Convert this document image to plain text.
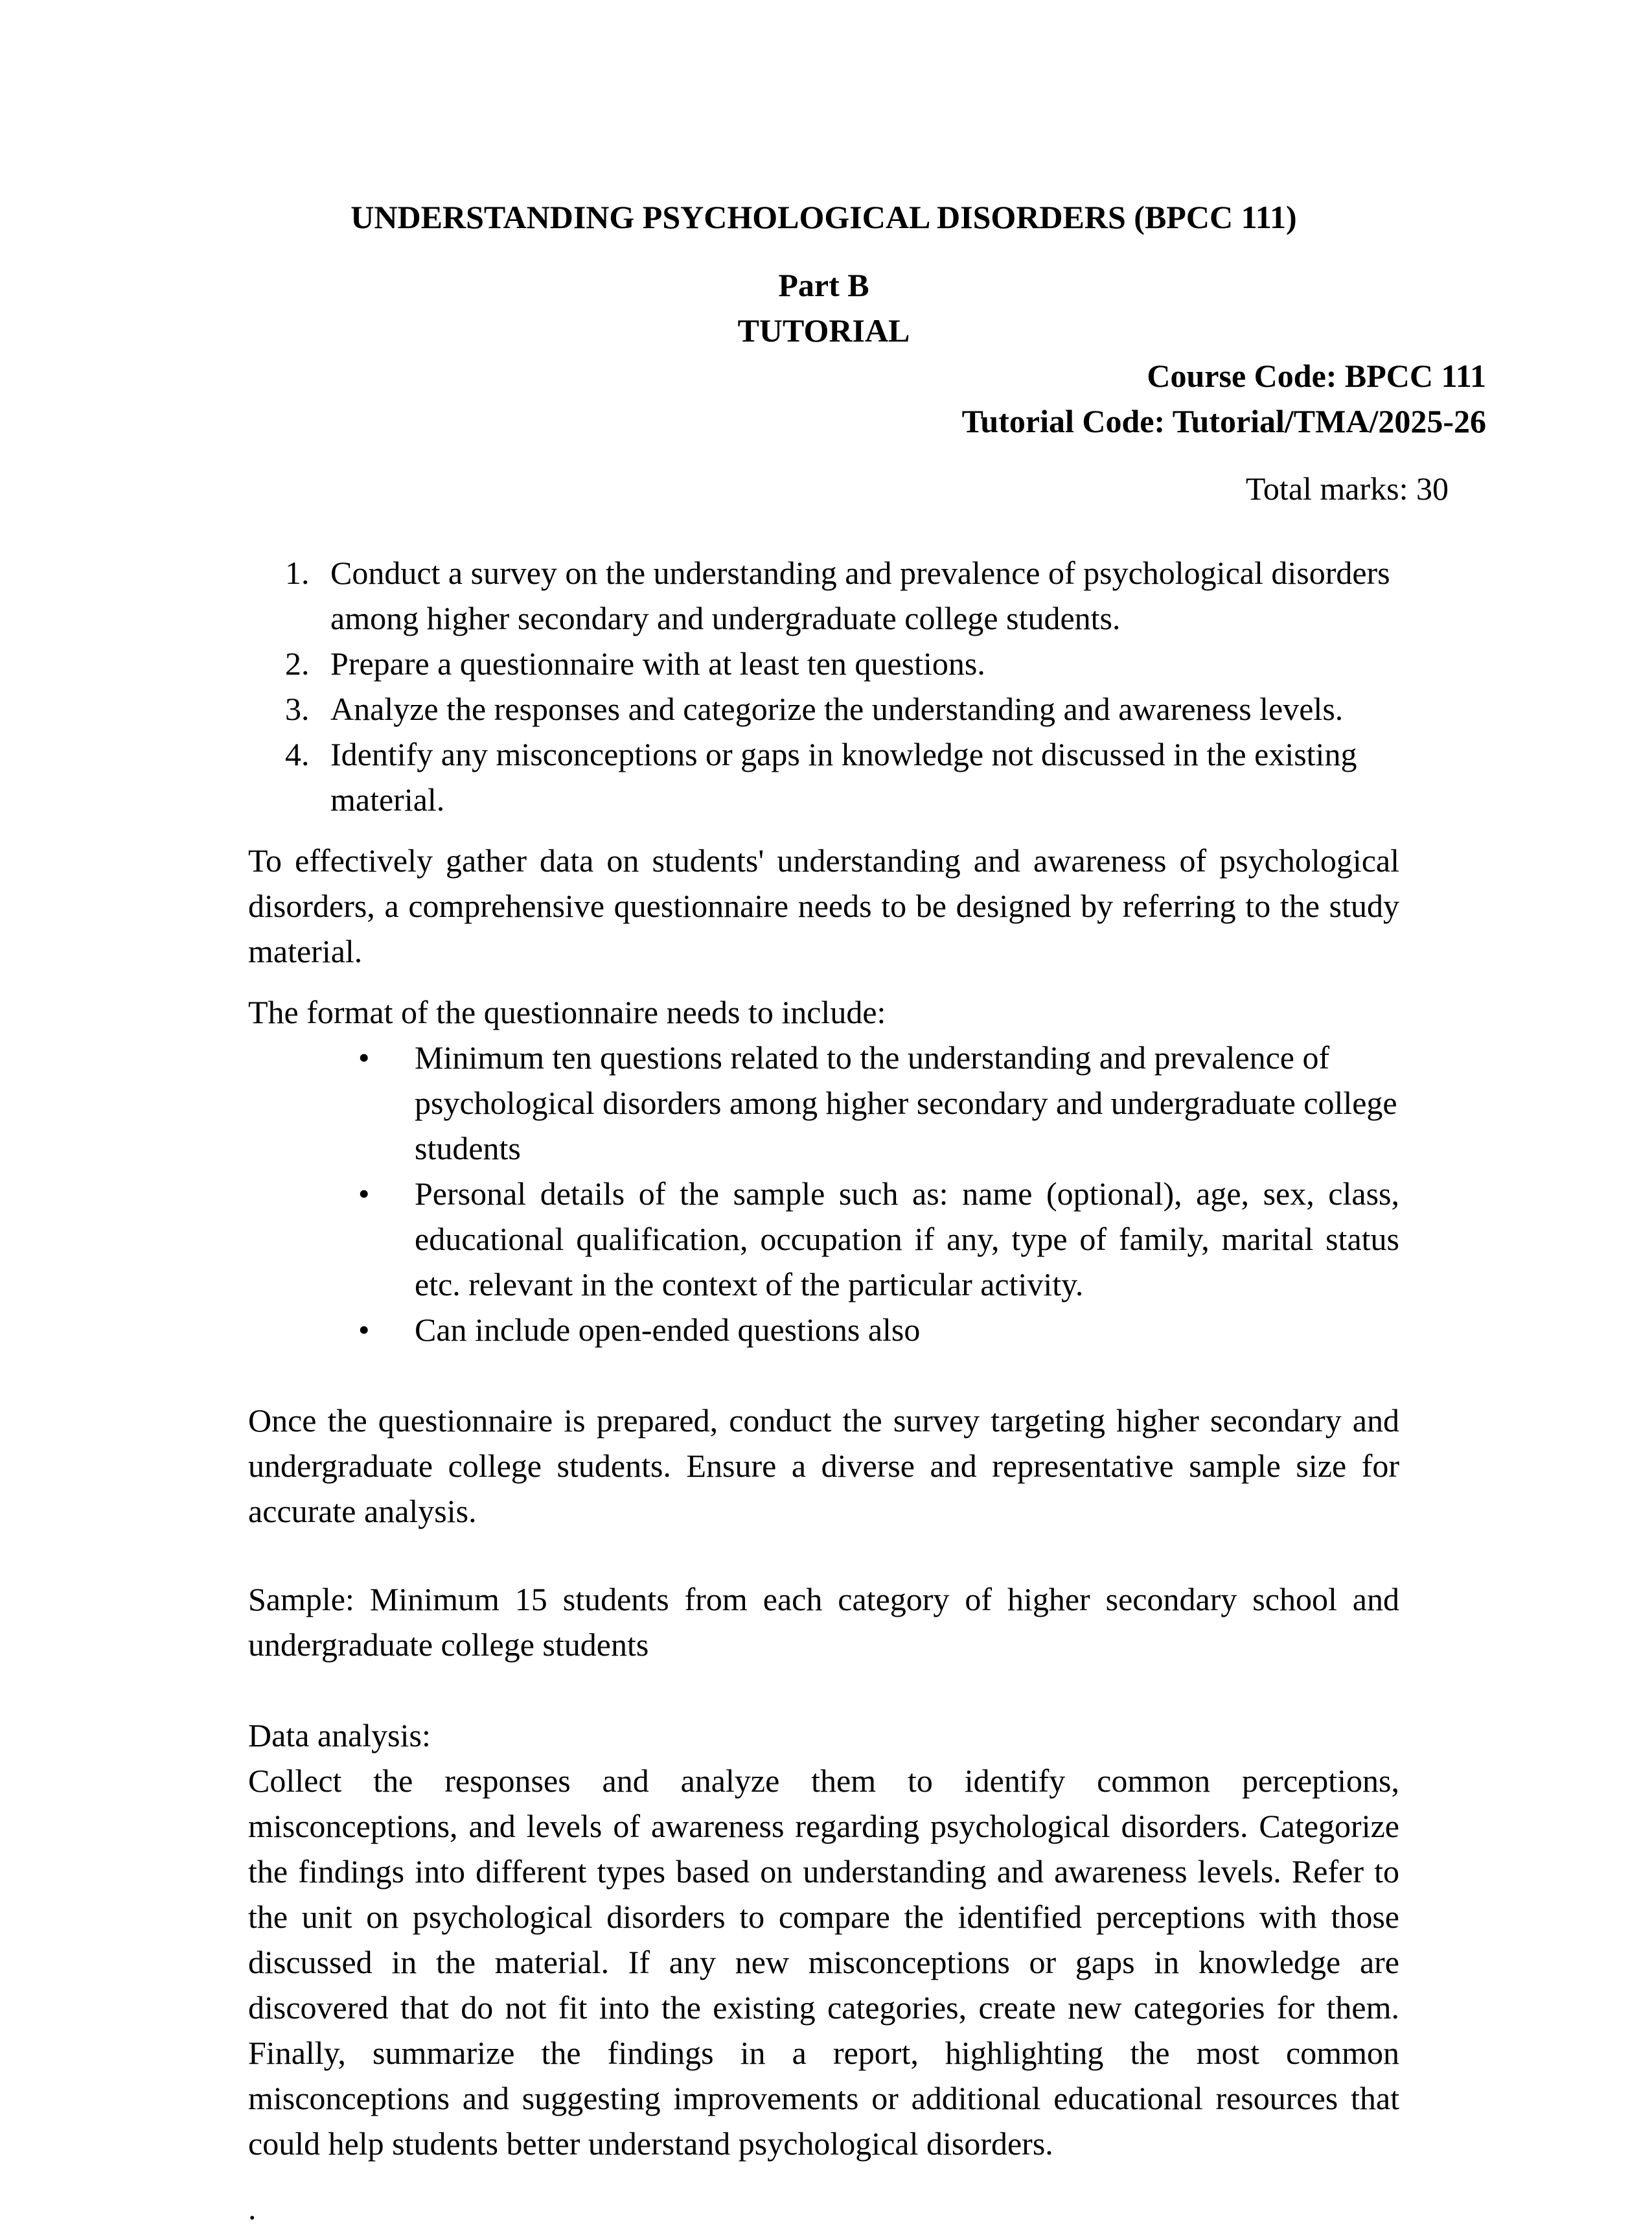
UNDERSTANDING PSYCHOLOGICAL DISORDERS (BPCC 111)
Part B
TUTORIAL
Course Code: BPCC 111
Tutorial Code: Tutorial/TMA/2025-26
Total marks: 30
1. Conduct a survey on the understanding and prevalence of psychological disorders among higher secondary and undergraduate college students.
2. Prepare a questionnaire with at least ten questions.
3. Analyze the responses and categorize the understanding and awareness levels.
4. Identify any misconceptions or gaps in knowledge not discussed in the existing material.
To effectively gather data on students' understanding and awareness of psychological disorders, a comprehensive questionnaire needs to be designed by referring to the study material.
The format of the questionnaire needs to include:
•	Minimum ten questions related to the understanding and prevalence of psychological disorders among higher secondary and undergraduate college students
•	Personal details of the sample such as: name (optional), age, sex, class, educational qualification, occupation if any, type of family, marital status etc. relevant in the context of the particular activity.
•	Can include open-ended questions also
Once the questionnaire is prepared, conduct the survey targeting higher secondary and undergraduate college students. Ensure a diverse and representative sample size for accurate analysis.
Sample: Minimum 15 students from each category of higher secondary school and undergraduate college students
Data analysis:
Collect the responses and analyze them to identify common perceptions, misconceptions, and levels of awareness regarding psychological disorders. Categorize the findings into different types based on understanding and awareness levels. Refer to the unit on psychological disorders to compare the identified perceptions with those discussed in the material. If any new misconceptions or gaps in knowledge are discovered that do not fit into the existing categories, create new categories for them. Finally, summarize the findings in a report, highlighting the most common misconceptions and suggesting improvements or additional educational resources that could help students better understand psychological disorders.
.
